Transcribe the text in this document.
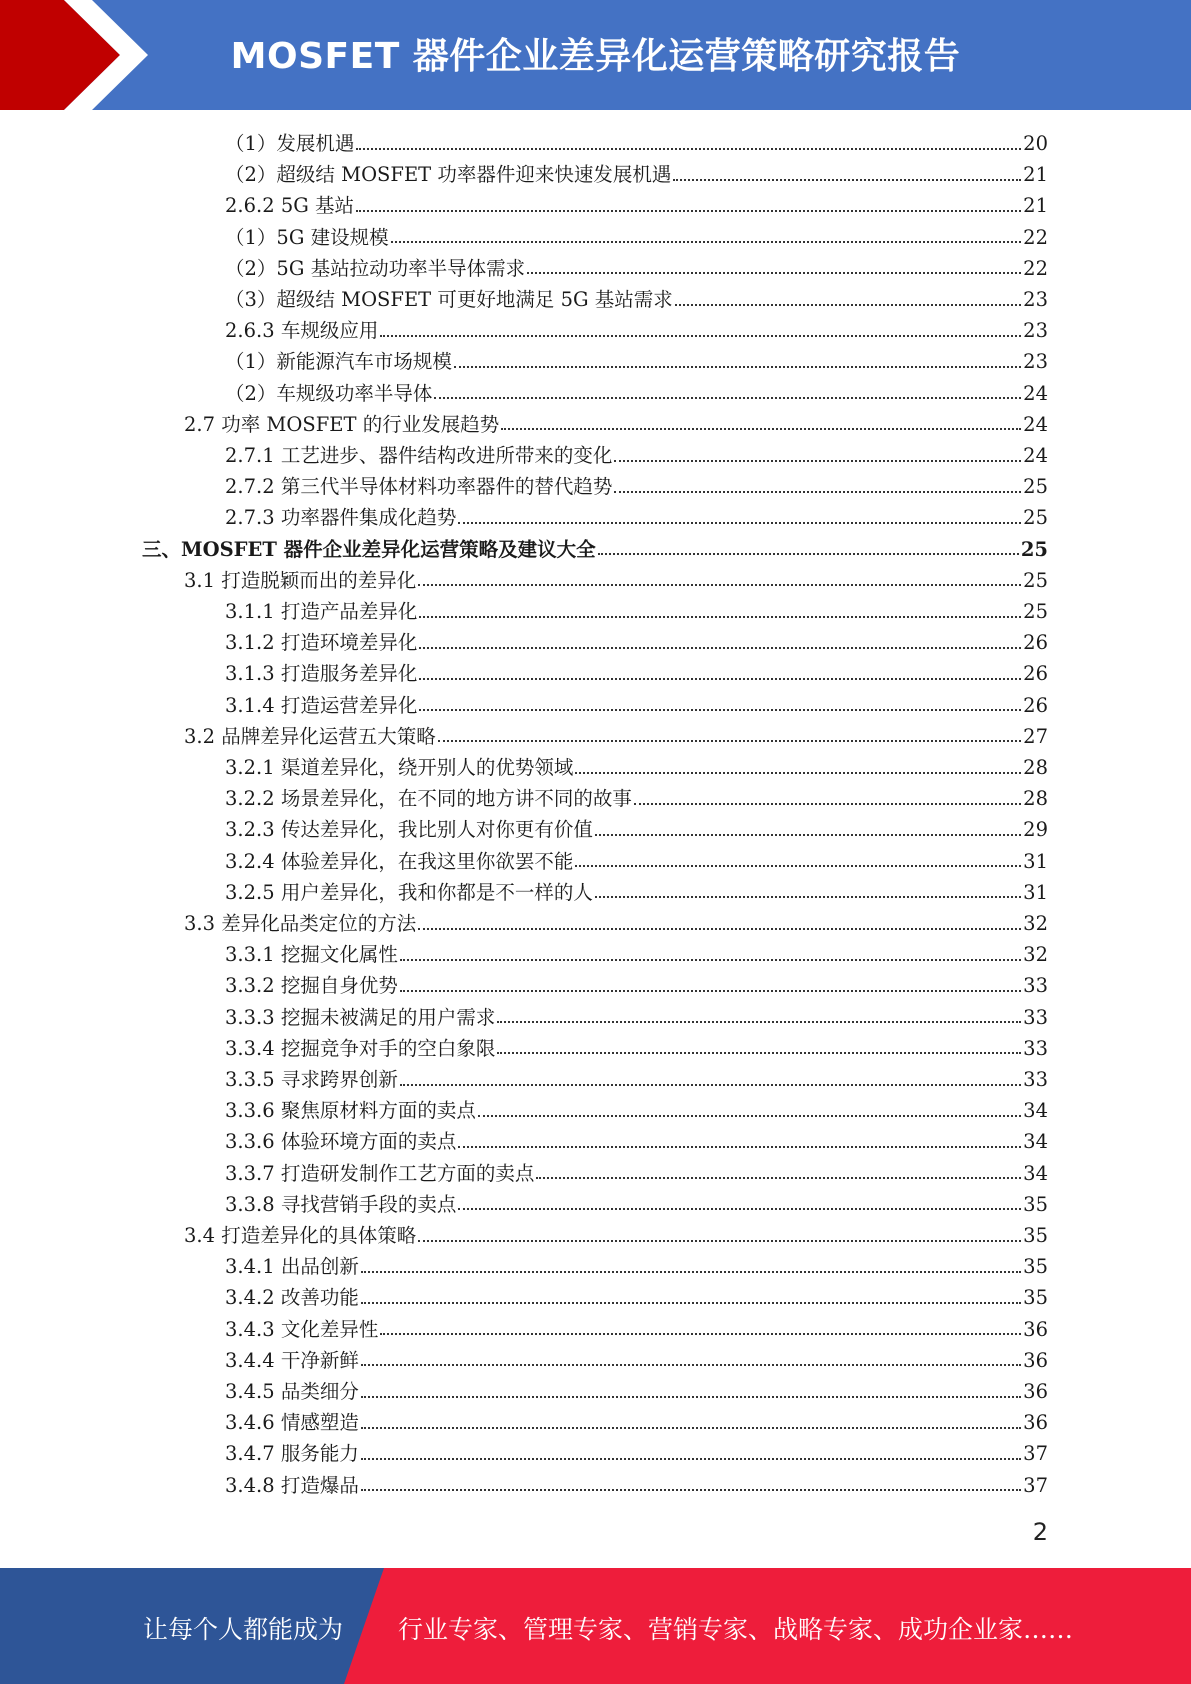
MOSFET 器件企业差异化运营策略研究报告
（1）发展机遇	20
（2）超级结 MOSFET 功率器件迎来快速发展机遇	21
2.6.2 5G 基站	21
（1）5G 建设规模	22
（2）5G 基站拉动功率半导体需求	22
（3）超级结 MOSFET 可更好地满足 5G 基站需求	23
2.6.3 车规级应用	23
（1）新能源汽车市场规模	23
（2）车规级功率半导体	24
2.7 功率 MOSFET 的行业发展趋势	24
2.7.1 工艺进步、器件结构改进所带来的变化	24
2.7.2 第三代半导体材料功率器件的替代趋势	25
2.7.3 功率器件集成化趋势	25
三、MOSFET 器件企业差异化运营策略及建议大全	25
3.1 打造脱颖而出的差异化	25
3.1.1 打造产品差异化	25
3.1.2 打造环境差异化	26
3.1.3 打造服务差异化	26
3.1.4 打造运营差异化	26
3.2 品牌差异化运营五大策略	27
3.2.1 渠道差异化，绕开别人的优势领域	28
3.2.2 场景差异化，在不同的地方讲不同的故事	28
3.2.3 传达差异化，我比别人对你更有价值	29
3.2.4 体验差异化，在我这里你欲罢不能	31
3.2.5 用户差异化，我和你都是不一样的人	31
3.3 差异化品类定位的方法	32
3.3.1 挖掘文化属性	32
3.3.2 挖掘自身优势	33
3.3.3 挖掘未被满足的用户需求	33
3.3.4 挖掘竞争对手的空白象限	33
3.3.5 寻求跨界创新	33
3.3.6 聚焦原材料方面的卖点	34
3.3.6 体验环境方面的卖点	34
3.3.7 打造研发制作工艺方面的卖点	34
3.3.8 寻找营销手段的卖点	35
3.4 打造差异化的具体策略	35
3.4.1 出品创新	35
3.4.2 改善功能	35
3.4.3 文化差异性	36
3.4.4 干净新鲜	36
3.4.5 品类细分	36
3.4.6 情感塑造	36
3.4.7 服务能力	37
3.4.8 打造爆品	37
2
让每个人都能成为 行业专家、管理专家、营销专家、战略专家、成功企业家……
